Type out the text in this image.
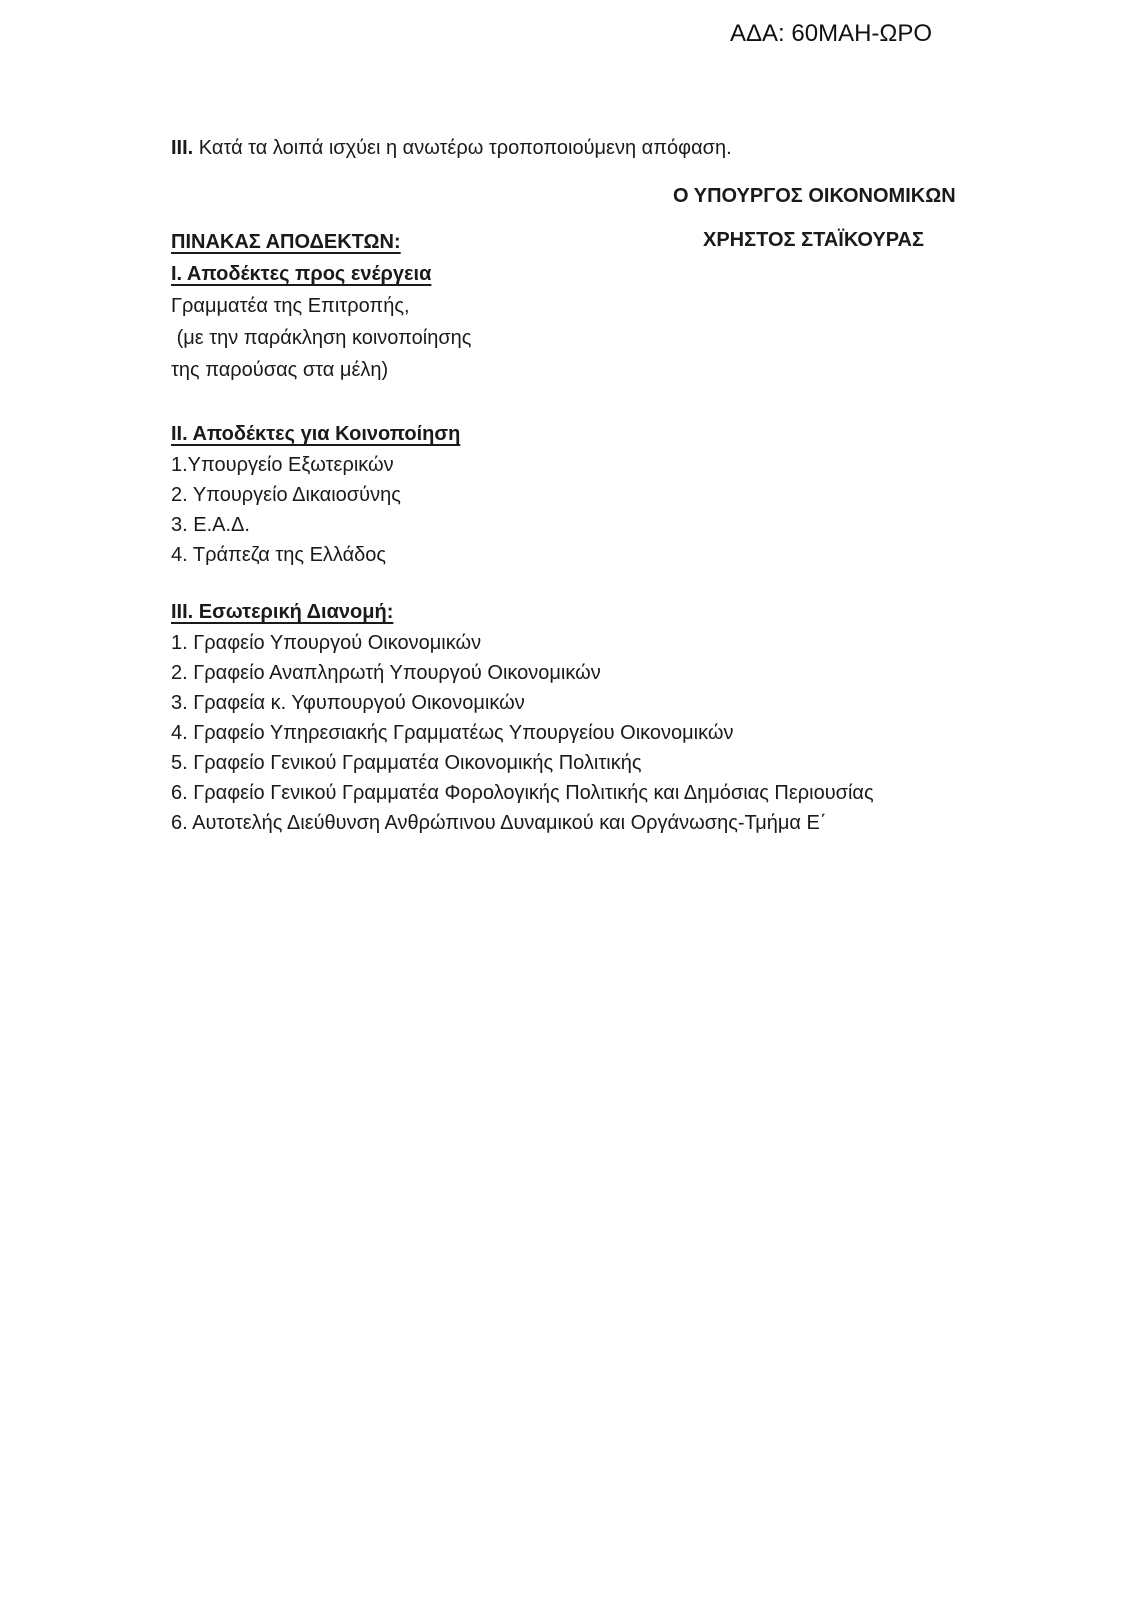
ΑΔΑ: 60ΜΑΗ-ΩΡΟ
Ο ΥΠΟΥΡΓΟΣ ΟΙΚΟΝΟΜΙΚΩΝ
ΧΡΗΣΤΟΣ ΣΤΑΪΚΟΥΡΑΣ
III. Κατά τα λοιπά ισχύει η ανωτέρω τροποποιούμενη απόφαση.
ΠΙΝΑΚΑΣ ΑΠΟΔΕΚΤΩΝ:
Ι. Αποδέκτες προς ενέργεια
Γραμματέα της Επιτροπής,
(με την παράκληση κοινοποίησης
της παρούσας στα μέλη)
ΙΙ. Αποδέκτες για Κοινοποίηση
1.Υπουργείο Εξωτερικών
2. Υπουργείο Δικαιοσύνης
3. Ε.Α.Δ.
4. Τράπεζα της Ελλάδος
ΙΙΙ. Εσωτερική Διανομή:
1. Γραφείο Υπουργού Οικονομικών
2. Γραφείο Αναπληρωτή Υπουργού Οικονομικών
3. Γραφεία κ. Υφυπουργού Οικονομικών
4. Γραφείο Υπηρεσιακής Γραμματέως Υπουργείου Οικονομικών
5. Γραφείο Γενικού Γραμματέα Οικονομικής Πολιτικής
6. Γραφείο Γενικού Γραμματέα Φορολογικής Πολιτικής και Δημόσιας Περιουσίας
6. Αυτοτελής Διεύθυνση Ανθρώπινου Δυναμικού και Οργάνωσης-Τμήμα Ε΄
